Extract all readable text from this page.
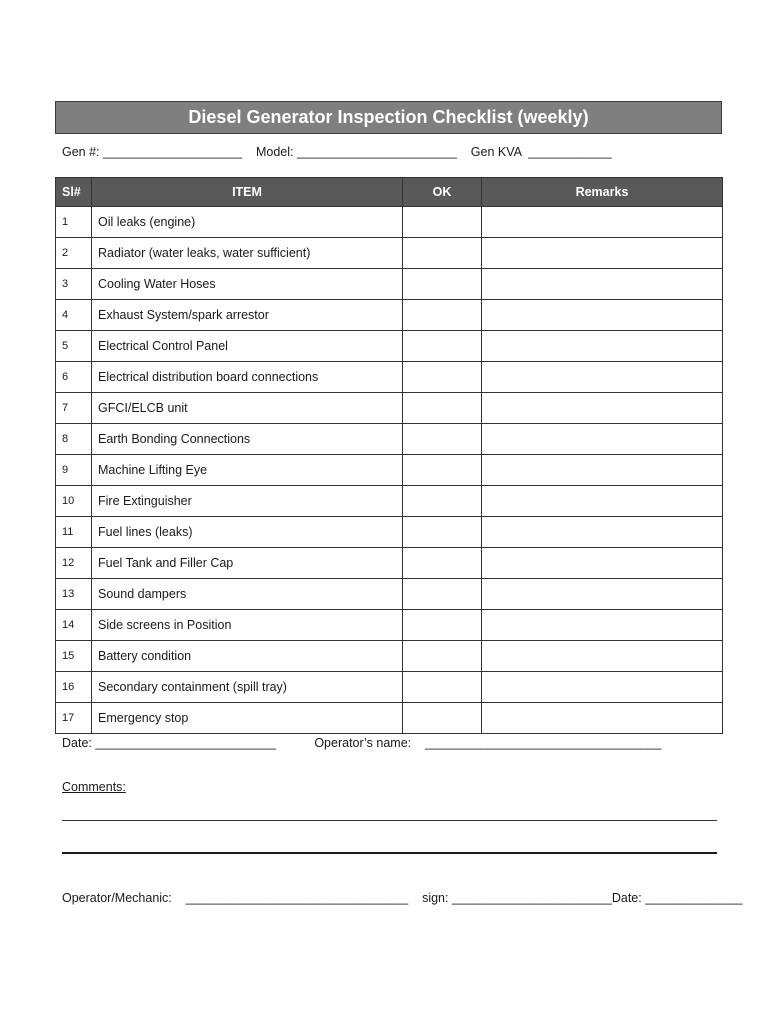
Diesel Generator Inspection Checklist (weekly)
Gen #: ____________________ Model: _______________________ Gen KVA ____________
Sl#	ITEM	OK	Remarks
1	Oil leaks (engine)		
2	Radiator (water leaks, water sufficient)		
3	Cooling Water Hoses		
4	Exhaust System/spark arrestor		
5	Electrical Control Panel		
6	Electrical distribution board connections		
7	GFCI/ELCB unit		
8	Earth Bonding Connections		
9	Machine Lifting Eye		
10	Fire Extinguisher		
11	Fuel lines (leaks)		
12	Fuel Tank and Filler Cap		
13	Sound dampers		
14	Side screens in Position		
15	Battery condition		
16	Secondary containment (spill tray)		
17	Emergency stop		
Date: __________________________	Operator’s name: __________________________________
Comments:
Operator/Mechanic: ________________________________ sign: _______________________Date: ______________
